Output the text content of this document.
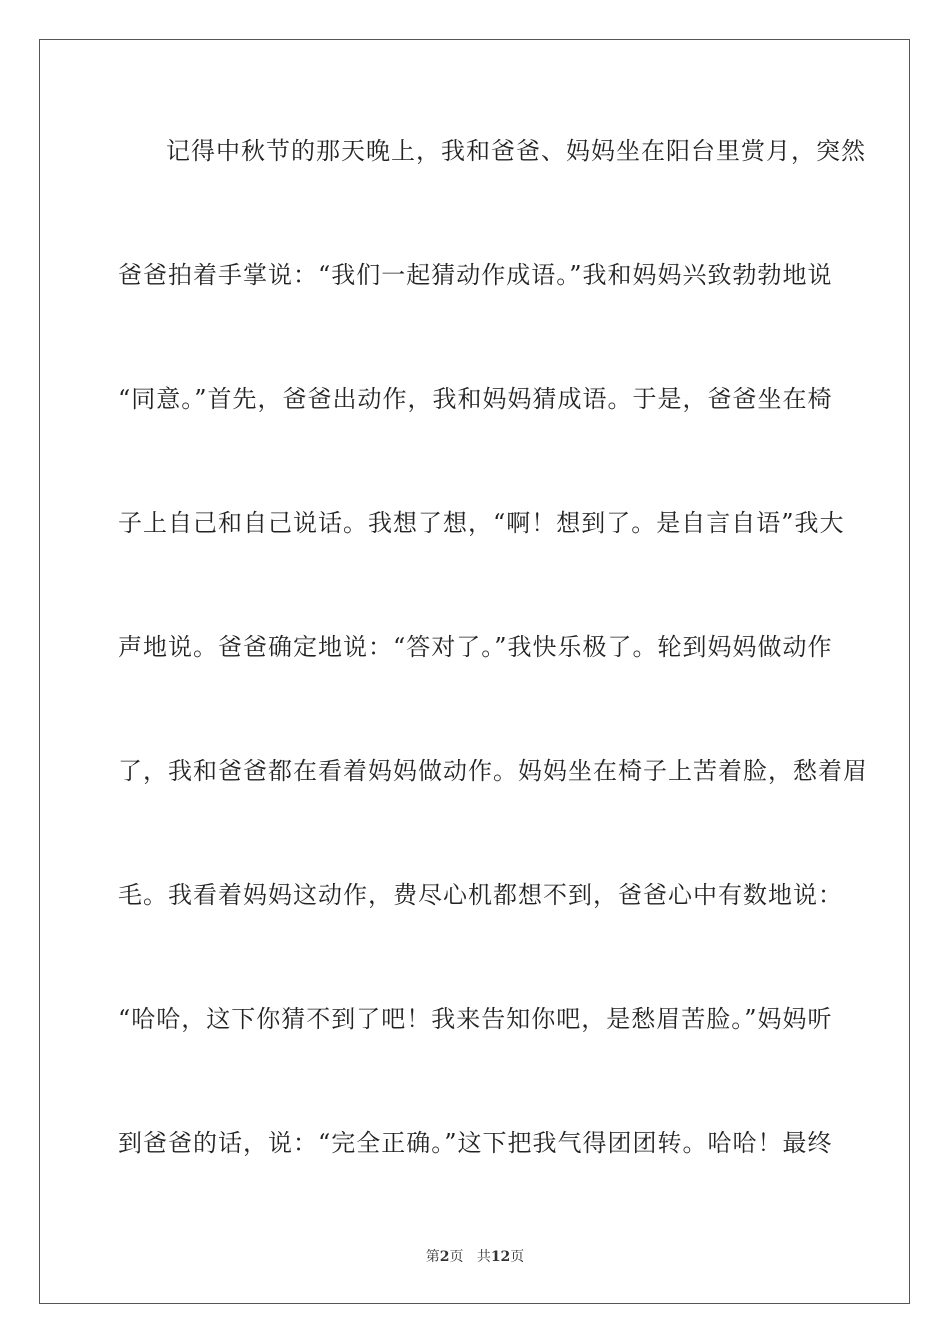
记得中秋节的那天晚上，我和爸爸、妈妈坐在阳台里赏月，突然
爸爸拍着手掌说：“我们一起猜动作成语。”我和妈妈兴致勃勃地说
“同意。”首先，爸爸出动作，我和妈妈猜成语。于是，爸爸坐在椅
子上自己和自己说话。我想了想，“啊！想到了。是自言自语”我大
声地说。爸爸确定地说：“答对了。”我快乐极了。轮到妈妈做动作
了，我和爸爸都在看着妈妈做动作。妈妈坐在椅子上苦着脸，愁着眉
毛。我看着妈妈这动作，费尽心机都想不到，爸爸心中有数地说：
“哈哈，这下你猜不到了吧！我来告知你吧，是愁眉苦脸。”妈妈听
到爸爸的话，说：“完全正确。”这下把我气得团团转。哈哈！最终
第2页 共12页
